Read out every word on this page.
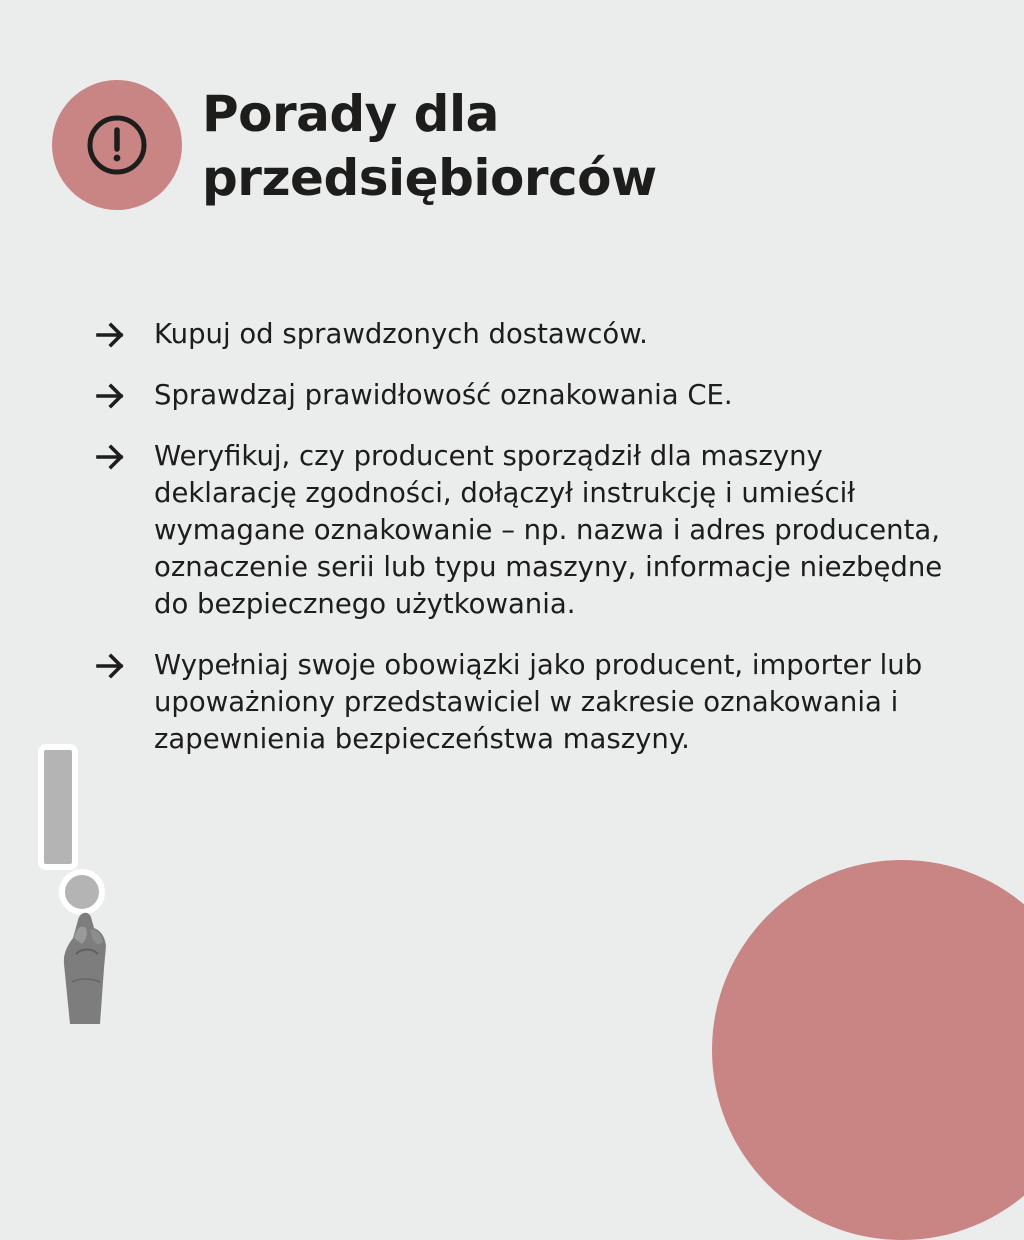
Porady dla
przedsiębiorców
Kupuj od sprawdzonych dostawców.
Sprawdzaj prawidłowość oznakowania CE.
Weryfikuj, czy producent sporządził dla maszyny deklarację zgodności, dołączył instrukcję i umieścił wymagane oznakowanie – np. nazwa i adres producenta, oznaczenie serii lub typu maszyny, informacje niezbędne do bezpiecznego użytkowania.
Wypełniaj swoje obowiązki jako producent, importer lub upoważniony przedstawiciel w zakresie oznakowania i zapewnienia bezpieczeństwa maszyny.
